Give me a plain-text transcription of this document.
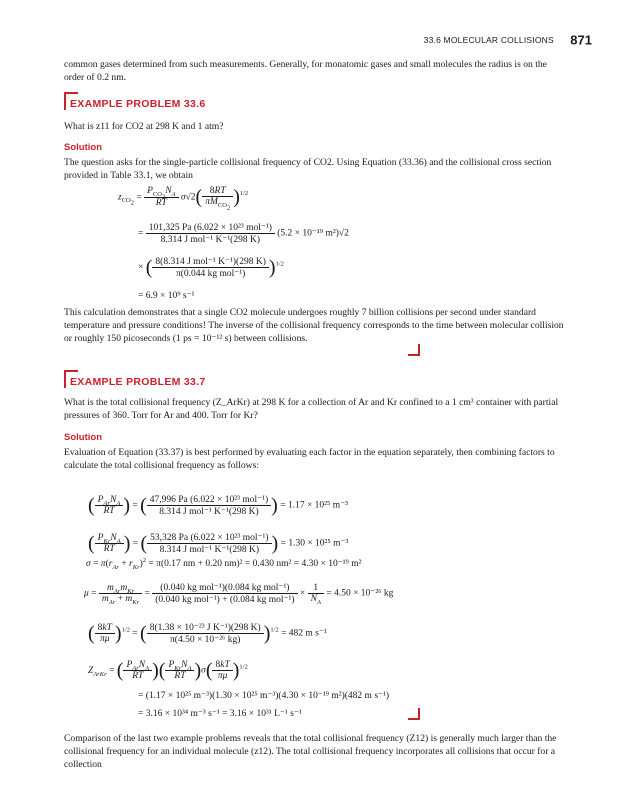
33.6 MOLECULAR COLLISIONS 871
common gases determined from such measurements. Generally, for monatomic gases and small molecules the radius is on the order of 0.2 nm.
EXAMPLE PROBLEM 33.6
What is z11 for CO2 at 298 K and 1 atm?
Solution
The question asks for the single-particle collisional frequency of CO2. Using Equation (33.36) and the collisional cross section provided in Table 33.1, we obtain
$z_{CO_2} = \frac{P_{CO_2}N_A}{RT} \sigma√2( \frac{8RT}{\pi M_{CO_2}} )^{1/2}$
= $\frac{\text{101,325 Pa (6.022 × 10²³ mol⁻¹)}}{\text{8.314 J mol⁻¹ K⁻¹(298 K)}} (5.2 \times 10^{-19}$ m²)√2
× ( $\frac{\text{8(8.314 J mol⁻¹ K⁻¹)(298 K)}}{\text{π(0.044 kg mol⁻¹)}} )^{1/2}$
= 6.9 × 10⁹ s⁻¹
This calculation demonstrates that a single CO2 molecule undergoes roughly 7 billion collisions per second under standard temperature and pressure conditions! The inverse of the collisional frequency corresponds to the time between molecular collision or roughly 150 picoseconds (1 ps = 10⁻¹² s) between collisions.
EXAMPLE PROBLEM 33.7
What is the total collisional frequency (Z_ArKr) at 298 K for a collection of Ar and Kr confined to a 1 cm³ container with partial pressures of 360. Torr for Ar and 400. Torr for Kr?
Solution
Evaluation of Equation (33.37) is best performed by evaluating each factor in the equation separately, then combining factors to calculate the total collisional frequency as follows:
( $\frac{P_{Ar}N_A}{RT}$ ) = ( $\frac{\text{47,996 Pa (6.022 × 10²³ mol⁻¹)}}{\text{8.314 J mol⁻¹ K⁻¹(298 K)}}$ ) = 1.17 × 10²⁵ m⁻³
( $\frac{P_{Kr}N_A}{RT}$ ) = ( $\frac{\text{53,328 Pa (6.022 × 10²³ mol⁻¹)}}{\text{8.314 J mol⁻¹ K⁻¹(298 K)}}$ ) = 1.30 × 10²⁵ m⁻³
$\sigma = \pi(r_{Ar} + r_{Kr})^2 = \pi(0.17$ nm + 0.20 nm)² = 0.430 nm² = 4.30 × 10⁻¹⁹ m²
$\mu = \frac{m_{Ar}m_{Kr}}{m_{Ar} + m_{Kr}} = \frac{\text{(0.040 kg mol⁻¹)(0.084 kg mol⁻¹)}}{\text{(0.040 kg mol⁻¹) + (0.084 kg mol⁻¹)}} \times \frac{1}{N_A} = 4.50 \times 10^{-26}$ kg
( $\frac{8kT}{\pi\mu} )^{1/2}$ = ( $\frac{\text{8(1.38 × 10⁻²³ J K⁻¹)(298 K)}}{\text{π(4.50 × 10⁻²⁶ kg)}} )^{1/2} = 482$ m s⁻¹
$Z_{ArKr}$ = ( $\frac{P_{Ar}N_A}{RT}$ )( $\frac{P_{Kr}N_A}{RT} )\sigma( \frac{8kT}{\pi\mu} )^{1/2}$
= (1.17 × 10²⁵ m⁻³)(1.30 × 10²⁵ m⁻³)(4.30 × 10⁻¹⁹ m²)(482 m s⁻¹)
= 3.16 × 10³⁴ m⁻³ s⁻¹ = 3.16 × 10³¹ L⁻¹ s⁻¹
Comparison of the last two example problems reveals that the total collisional frequency (Z12) is generally much larger than the collisional frequency for an individual molecule (z12). The total collisional frequency incorporates all collisions that occur for a collection
